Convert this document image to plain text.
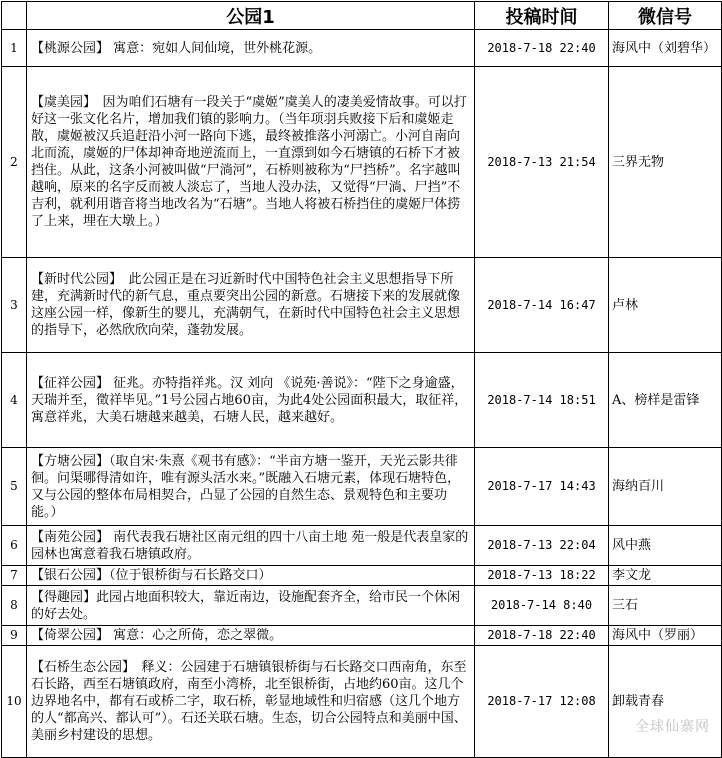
	公园1	投稿时间	微信号
1	【桃源公园】 寓意：宛如人间仙境，世外桃花源。	2018-7-18 22:40	海风中（刘碧华）
2	【虞美园】　因为咱们石塘有一段关于“虞姬”虞美人的凄美爱情故事。可以打好这一张文化名片，增加我们镇的影响力。（当年项羽兵败接下后和虞姬走散，虞姬被汉兵追赶沿小河一路向下逃，最终被推落小河溺亡。小河自南向北而流，虞姬的尸体却神奇地逆流而上，一直漂到如今石塘镇的石桥下才被挡住。从此，这条小河被叫做“尸淌河”，石桥则被称为“尸挡桥”。名字越叫越响，原来的名字反而被人淡忘了，当地人没办法，又觉得“尸淌、尸挡”不吉利，就利用谐音将当地改名为“石塘”。当地人将被石桥挡住的虞姬尸体捞了上来，埋在大墩上。）	2018-7-13 21:54	三界无物
3	【新时代公园】　此公园正是在习近新时代中国特色社会主义思想指导下所建，充满新时代的新气息，重点要突出公园的新意。石塘接下来的发展就像这座公园一样，像新生的婴儿，充满朝气，在新时代中国特色社会主义思想的指导下，必然欣欣向荣，蓬勃发展。	2018-7-14 16:47	卢林
4	【征祥公园】 征兆。亦特指祥兆。汉 刘向 《说苑·善说》：“陛下之身逾盛，天瑞并至，徵祥毕见。”1号公园占地60亩，为此4处公园面积最大，取征祥，寓意祥兆，大美石塘越来越美，石塘人民，越来越好。	2018-7-14 18:51	A、榜样是雷锋
5	【方塘公园】（取自宋·朱熹《观书有感》：“半亩方塘一鉴开，天光云影共徘徊。问渠哪得清如许，唯有源头活水来。”既融入石塘元素，体现石塘特色，又与公园的整体布局相契合，凸显了公园的自然生态、景观特色和主要功能。）	2018-7-17 14:43	海纳百川
6	【南苑公园】 南代表我石塘社区南元组的四十八亩土地 苑一般是代表皇家的园林也寓意着我石塘镇政府。	2018-7-13 22:04	风中燕
7	【银石公园】（位于银桥街与石长路交口）	2018-7-13 18:22	李文龙
8	【得趣园】此园占地面积较大，靠近南边，设施配套齐全，给市民一个休闲的好去处。	2018-7-14 8:40	三石
9	【倚翠公园】 寓意：心之所倚，恋之翠微。	2018-7-18 22:40	海风中（罗丽）
10	【石桥生态公园】　释义：公园建于石塘镇银桥街与石长路交口西南角，东至石长路，西至石塘镇政府，南至小湾桥，北至银桥街，占地约60亩。这几个边界地名中，都有石或桥二字，取石桥，彰显地域性和归宿感（这几个地方的人“都高兴、都认可”）。石还关联石塘。生态，切合公园特点和美丽中国、美丽乡村建设的思想。	2018-7-17 12:08	卸载青春
全球仙寨网
